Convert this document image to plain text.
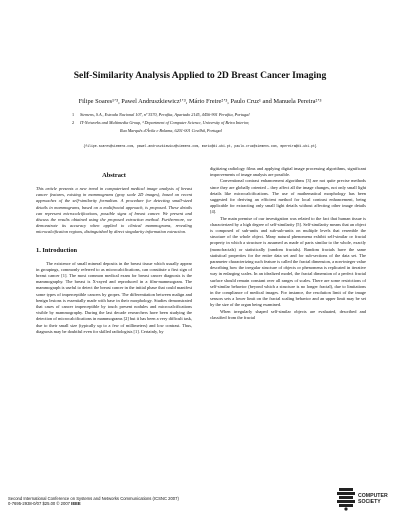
Self-Similarity Analysis Applied to 2D Breast Cancer Imaging
Filipe Soares¹ʼ³, Pawel Andruszkiewicz¹ʼ³, Mário Freire²ʼ³, Paulo Cruz¹ and Manuela Pereira²ʼ³
1 Siemens, S.A., Estrada Nacional 107, nº 3570, Perafita, Apartado 2145, 4456-901 Perafita, Portugal
2 IT-Networks and Multimedia Group, ³ Department of Computer Science, University of Beira Interior,
Rua Marquês d'Ávila e Bolama, 6201-001 Covilhã, Portugal
{filipe.soares@siemens.com, pawel.andruszkiewicz@siemens.com, mario@di.ubi.pt, paulo.cruz@siemens.com, mpereira@di.ubi.pt}

Abstract

This article presents a new trend in computerized medical image analysis of breast cancer features, existing in mammograms (gray scale 2D images), based on recent approaches of the self-similarity formalism. A procedure for detecting small-sized details in mammograms, based on a multifractal approach, is proposed. These details can represent microcalcifications, possible signs of breast cancer. We present and discuss the results obtained using the proposed extraction method. Furthermore, we demonstrate its accuracy when applied to clinical mammograms, revealing microcalcification regions, distinguished by direct singularity information extraction.

1. Introduction

The existence of small mineral deposits in the breast tissue which usually appear in groupings, commonly referred to as microcalcifications, can constitute a first sign of breast cancer [1]. The most common medical exam for breast cancer diagnosis is the mammography. The breast is X-rayed and reproduced in a film-mammogram. The mammograph is useful to detect the breast cancer in the initial phase that could manifest some types of imperceptible cancers by gropes. The differentiation between malign and benign lesions is essentially made with base in their morphology. Studies demonstrated that cases of cancer imperceptible by touch present nodules and microcalcifications visible by mammography. During the last decade researchers have been studying the detection of microcalcifications in mammograms [2] but it has been a very difficult task, due to their small size (typically up to a few of millimeters) and low contrast. Thus, diagnosis may be doubtful even for skilled radiologists [1]. Certainly, by

digitizing radiology films and applying digital image processing algorithms, significant improvements of image analysis are possible.

Conventional contrast enhancement algorithms [3] are not quite precise methods since they are globally oriented – they affect all the image changes, not only small light details like microcalcifications. The use of mathematical morphology has been suggested for deriving an efficient method for local contrast enhancement, being applicable for extracting only small light details without affecting other image details [4].

The main premise of our investigation was related to the fact that human tissue is characterized by a high degree of self-similarity [5]. Self-similarity means that an object is composed of sub-units and sub-sub-units on multiple levels that resemble the structure of the whole object. Many natural phenomena exhibit self-similar or fractal property in which a structure is assumed as made of parts similar to the whole, exactly (monofractals) or statistically (random fractals). Random fractals have the same statistical properties for the entire data set and for sub-sections of the data set. The parameter characterizing such feature is called the fractal dimension, a non-integer value describing how the irregular structure of objects or phenomena is replicated in iterative way in enlarging scales. In an idealized model, the fractal dimension of a perfect fractal surface should remain constant over all ranges of scales. There are some restrictions of self-similar behavior (beyond which a structure is no longer fractal), due to limitations in the compliance of medical images. For instance, the resolution limit of the image sensors sets a lower limit on the fractal scaling behavior and an upper limit may be set by the size of the organ being examined.

When irregularly shaped self-similar objects are evaluated, described and classified from the fractal

Second International Conference on Systems and Networks Communications (ICSNC 2007)
0-7695-2938-0/07 $25.00 © 2007 IEEE
COMPUTER
SOCIETY
